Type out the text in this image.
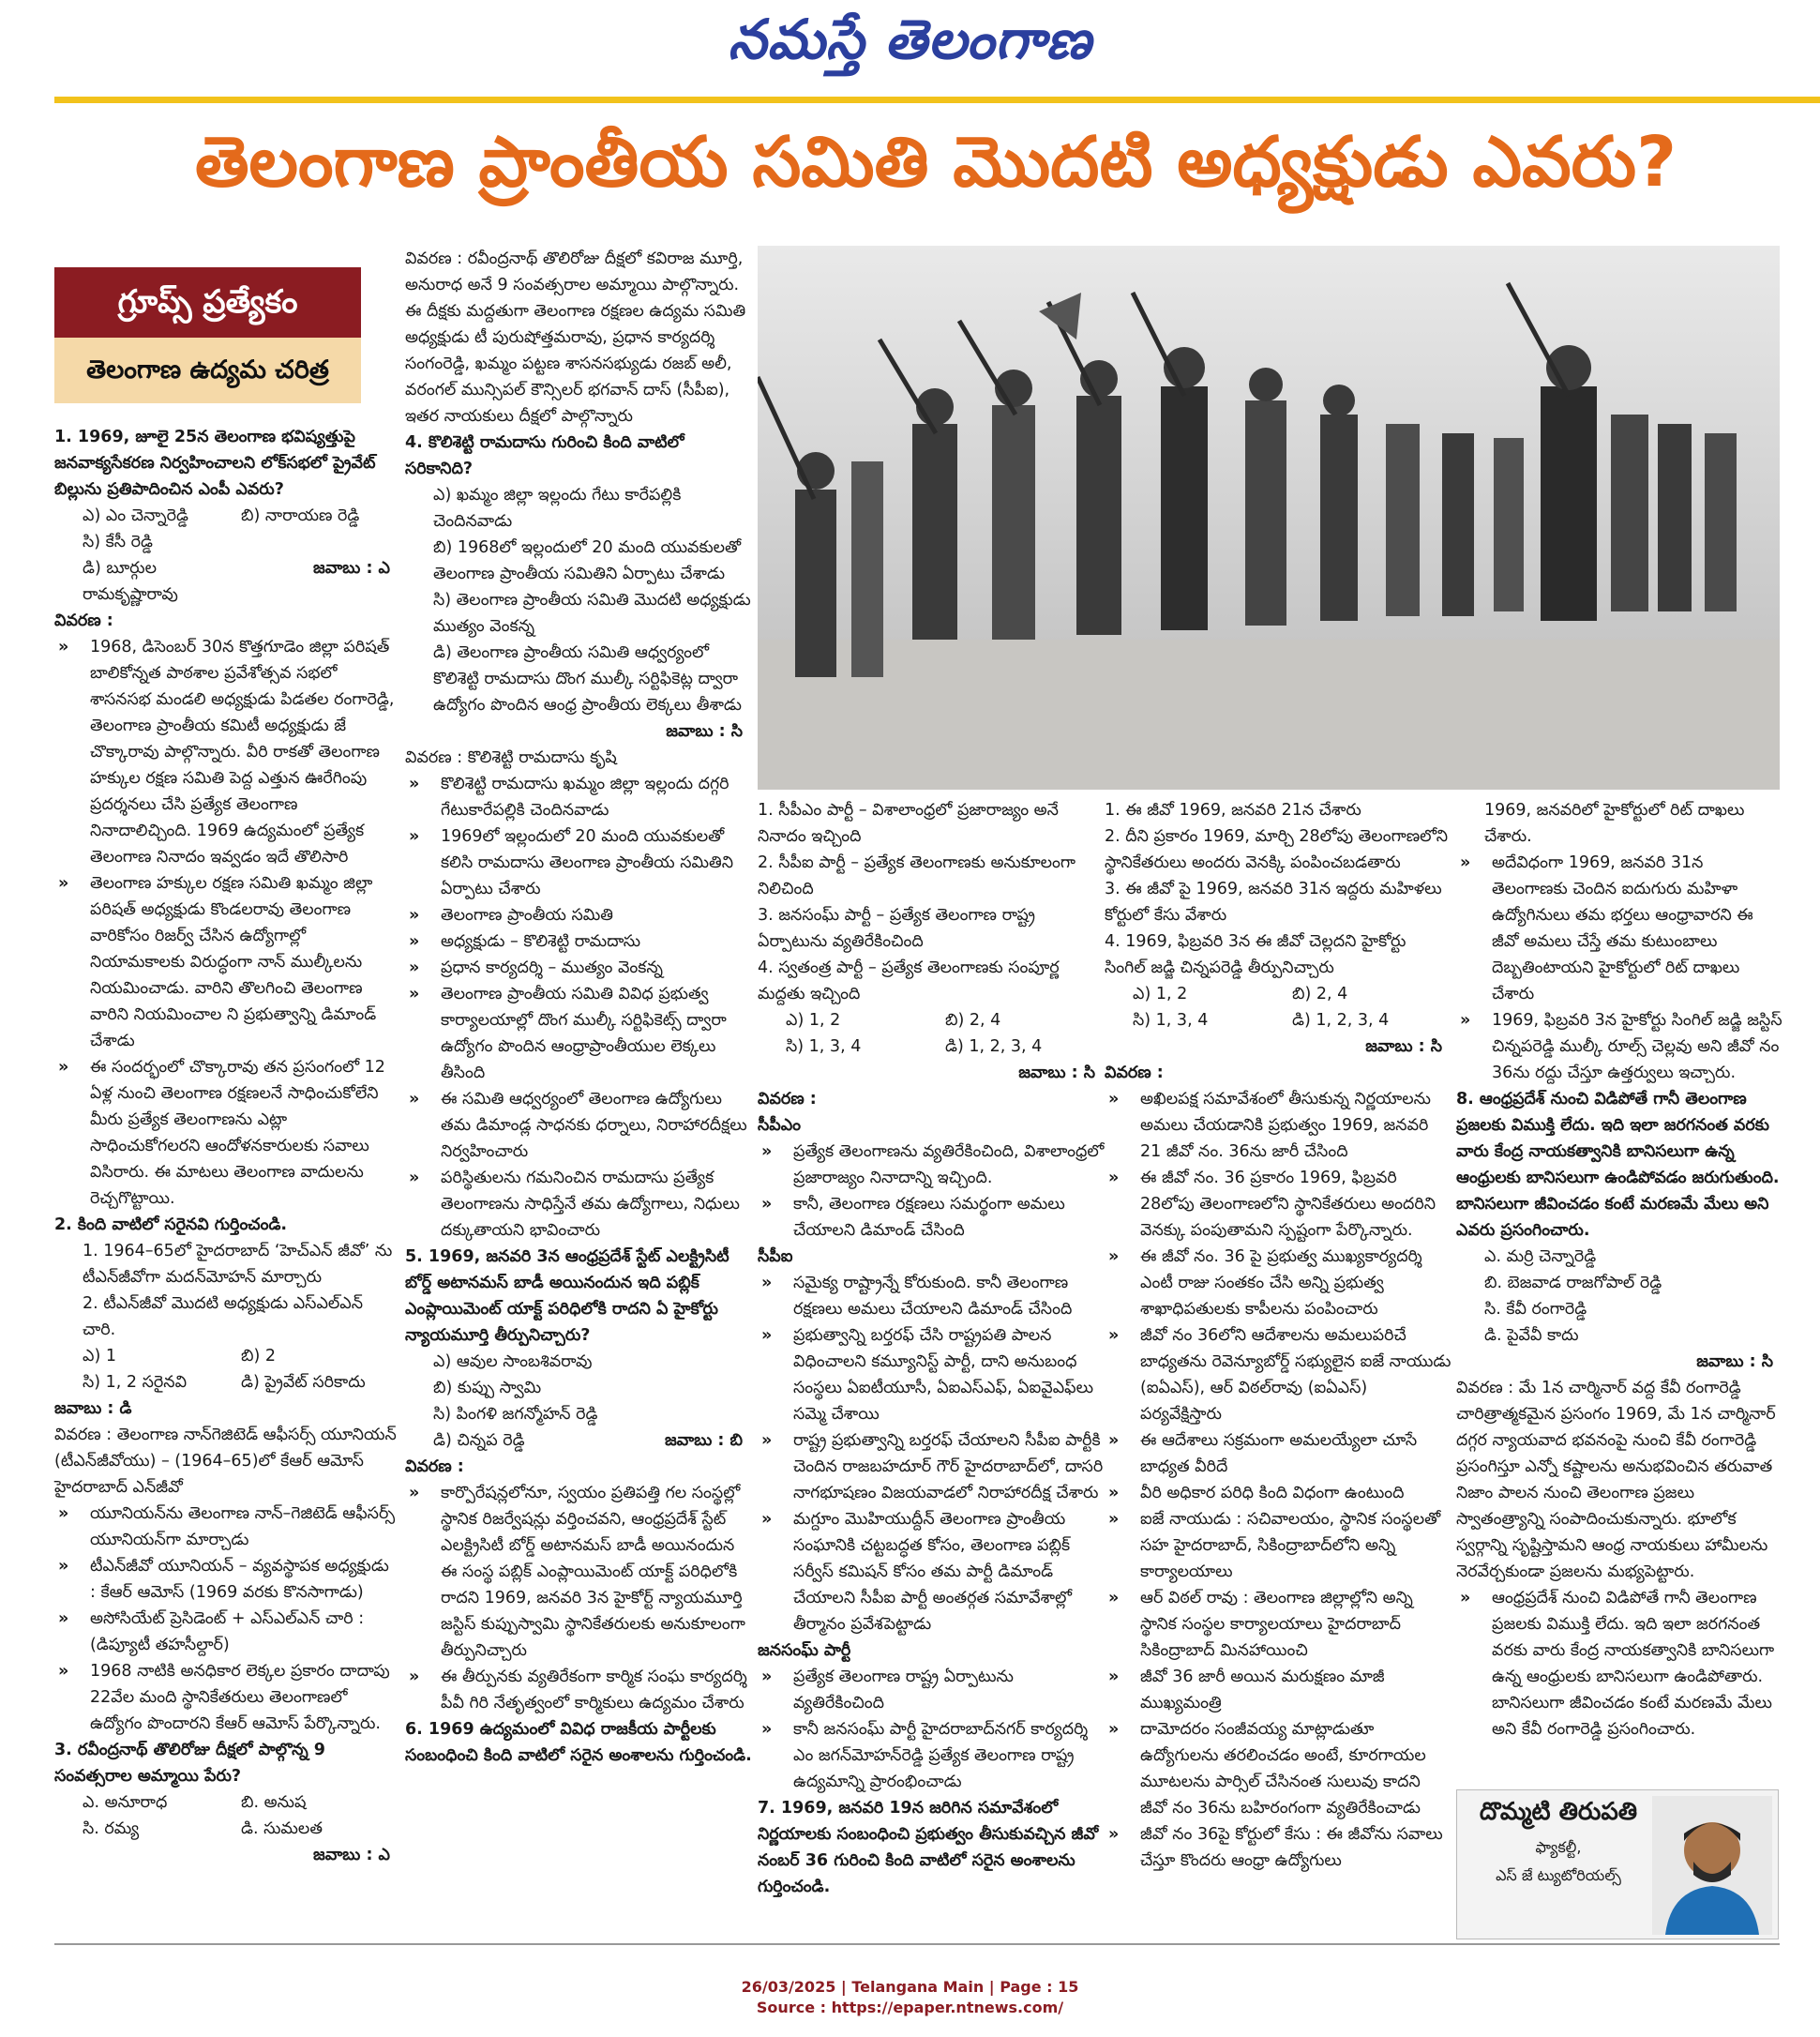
నమస్తే తెలంగాణ
తెలంగాణ ప్రాంతీయ సమితి మొదటి అధ్యక్షుడు ఎవరు?
గ్రూప్స్ ప్రత్యేకం
తెలంగాణ ఉద్యమ చరిత్ర

1. 1969, జూలై 25న తెలంగాణ భవిష్యత్తుపై జనవాక్యసేకరణ నిర్వహించాలని లోక్‌సభలో ప్రైవేట్ బిల్లును ప్రతిపాదించిన ఎంపీ ఎవరు?

ఎ) ఎం చెన్నారెడ్డి	బి) నారాయణ రెడ్డి

సి) కేసీ రెడ్డి

డి) బూర్గుల రామకృష్ణారావు
జవాబు : ఎ

వివరణ :

» 1968, డిసెంబర్ 30న కొత్తగూడెం జిల్లా పరిషత్ బాలికోన్నత పాఠశాల ప్రవేశోత్సవ సభలో శాసనసభ మండలి అధ్యక్షుడు పిడతల రంగారెడ్డి, తెలంగాణ ప్రాంతీయ కమిటీ అధ్యక్షుడు జే చొక్కారావు పాల్గొన్నారు. వీరి రాకతో తెలంగాణ హక్కుల రక్షణ సమితి పెద్ద ఎత్తున ఊరేగింపు ప్రదర్శనలు చేసి ప్రత్యేక తెలంగాణ నినాదాలిచ్చింది. 1969 ఉద్యమంలో ప్రత్యేక తెలంగాణ నినాదం ఇవ్వడం ఇదే తొలిసారి

» తెలంగాణ హక్కుల రక్షణ సమితి ఖమ్మం జిల్లా పరిషత్ అధ్యక్షుడు కొండలరావు తెలంగాణ వారికోసం రిజర్వ్ చేసిన ఉద్యోగాల్లో నియామకాలకు విరుద్ధంగా నాన్ ముల్కీలను నియమించాడు. వారిని తొలగించి తెలంగాణ వారిని నియమించాల ని ప్రభుత్వాన్ని డిమాండ్ చేశాడు

» ఈ సందర్భంలో చొక్కారావు తన ప్రసంగంలో 12 ఏళ్ల నుంచి తెలంగాణ రక్షణలనే సాధించుకోలేని మీరు ప్రత్యేక తెలంగాణను ఎట్లా సాధించుకోగలరని ఆందోళనకారులకు సవాలు విసిరారు. ఈ మాటలు తెలంగాణ వాదులను రెచ్చగొట్టాయి.

2. కింది వాటిలో సరైనవి గుర్తించండి.

1. 1964–65లో హైదరాబాద్ ‘హెచ్ఎన్ జీవో’ ను టీఎన్‌జీవోగా మదన్‌మోహన్ మార్చారు

2. టీఎన్‌జీవో మొదటి అధ్యక్షుడు ఎస్‌ఎల్ఎన్ చారి.

ఎ) 1	బి) 2
సి) 1, 2 సరైనవి	డి) ప్రైవేట్ సరికాదు

జవాబు : డి

వివరణ : తెలంగాణ నాన్‌గెజిటెడ్ ఆఫీసర్స్ యూనియన్ (టీఎన్‌జీవోయు) – (1964–65)లో కేఆర్ ఆమోస్ హైదరాబాద్ ఎన్‌జీవో

» యూనియన్‌ను తెలంగాణ నాన్–గెజిటెడ్ ఆఫీసర్స్ యూనియన్‌గా మార్చాడు

» టీఎన్‌జీవో యూనియన్ – వ్యవస్థాపక అధ్యక్షుడు : కేఆర్ ఆమోస్ (1969 వరకు కొనసాగాడు)

» అసోసియేట్ ప్రెసిడెంట్ + ఎస్ఎల్ఎన్ చారి : (డిప్యూటీ తహసీల్దార్)

» 1968 నాటికి అనధికార లెక్కల ప్రకారం దాదాపు 22వేల మంది స్థానికేతరులు తెలంగాణలో ఉద్యోగం పొందారని కేఆర్ ఆమోస్ పేర్కొన్నారు.

3. రవీంద్రనాథ్ తొలిరోజు దీక్షలో పాల్గొన్న 9 సంవత్సరాల అమ్మాయి పేరు?

ఎ. అనూరాధ	బి. అనుష
సి. రమ్య	డి. సుమలత

జవాబు : ఎ

వివరణ : రవీంద్రనాథ్ తొలిరోజు దీక్షలో కవిరాజ మూర్తి, అనురాధ అనే 9 సంవత్సరాల అమ్మాయి పాల్గొన్నారు. ఈ దీక్షకు మద్దతుగా తెలంగాణ రక్షణల ఉద్యమ సమితి అధ్యక్షుడు టీ పురుషోత్తమరావు, ప్రధాన కార్యదర్శి సంగంరెడ్డి, ఖమ్మం పట్టణ శాసనసభ్యుడు రజబ్ అలీ, వరంగల్ మున్సిపల్ కౌన్సిలర్ భగవాన్ దాస్ (సీపీఐ), ఇతర నాయకులు దీక్షలో పాల్గొన్నారు

4. కొలిశెట్టి రామదాసు గురించి కింది వాటిలో సరికానిది?

ఎ) ఖమ్మం జిల్లా ఇల్లందు గేటు కారేపల్లికి చెందినవాడు

బి) 1968లో ఇల్లందులో 20 మంది యువకులతో తెలంగాణ ప్రాంతీయ సమితిని ఏర్పాటు చేశాడు

సి) తెలంగాణ ప్రాంతీయ సమితి మొదటి అధ్యక్షుడు ముత్యం వెంకన్న

డి) తెలంగాణ ప్రాంతీయ సమితి ఆధ్వర్యంలో కొలిశెట్టి రామదాసు దొంగ ముల్కీ సర్టిఫికెట్ల ద్వారా ఉద్యోగం పొందిన ఆంధ్ర ప్రాంతీయ లెక్కలు తీశాడు

జవాబు : సి

వివరణ : కొలిశెట్టి రామదాసు కృషి

» కొలిశెట్టి రామదాసు ఖమ్మం జిల్లా ఇల్లందు దగ్గరి గేటుకారేపల్లికి చెందినవాడు

» 1969లో ఇల్లందులో 20 మంది యువకులతో కలిసి రామదాసు తెలంగాణ ప్రాంతీయ సమితిని ఏర్పాటు చేశారు

» తెలంగాణ ప్రాంతీయ సమితి

» అధ్యక్షుడు – కొలిశెట్టి రామదాసు

» ప్రధాన కార్యదర్శి – ముత్యం వెంకన్న

» తెలంగాణ ప్రాంతీయ సమితి వివిధ ప్రభుత్వ కార్యాలయాల్లో దొంగ ముల్కీ సర్టిఫికెట్స్ ద్వారా ఉద్యోగం పొందిన ఆంధ్రాప్రాంతీయుల లెక్కలు తీసింది

» ఈ సమితి ఆధ్వర్యంలో తెలంగాణ ఉద్యోగులు తమ డిమాండ్ల సాధనకు ధర్నాలు, నిరాహారదీక్షలు నిర్వహించారు

» పరిస్థితులను గమనించిన రామదాసు ప్రత్యేక తెలంగాణను సాధిస్తేనే తమ ఉద్యోగాలు, నిధులు దక్కుతాయని భావించారు

5. 1969, జనవరి 3న ఆంధ్రప్రదేశ్ స్టేట్ ఎలక్ట్రిసిటీ బోర్డ్ అటానమస్ బాడీ అయినందున ఇది పబ్లిక్ ఎంప్లాయిమెంట్ యాక్ట్ పరిధిలోకి రాదని ఏ హైకోర్టు న్యాయమూర్తి తీర్పునిచ్చారు?

ఎ) ఆవుల సాంబశివరావు

బి) కుప్పు స్వామి

సి) పింగళి జగన్మోహన్ రెడ్డి

డి) చిన్నప రెడ్డి	జవాబు : బి

వివరణ :

» కార్పొరేషన్లలోనూ, స్వయం ప్రతిపత్తి గల సంస్థల్లో స్థానిక రిజర్వేషన్లు వర్తించవని, ఆంధ్రప్రదేశ్ స్టేట్ ఎలక్ట్రిసిటీ బోర్డ్ అటానమస్ బాడీ అయినందున ఈ సంస్థ పబ్లిక్ ఎంప్లాయిమెంట్ యాక్ట్ పరిధిలోకి రాదని 1969, జనవరి 3న హైకోర్ట్ న్యాయమూర్తి జస్టిస్ కుప్పుస్వామి స్థానికేతరులకు అనుకూలంగా తీర్పునిచ్చారు

» ఈ తీర్పునకు వ్యతిరేకంగా కార్మిక సంఘ కార్యదర్శి పీవీ గిరి నేతృత్వంలో కార్మికులు ఉద్యమం చేశారు

6. 1969 ఉద్యమంలో వివిధ రాజకీయ పార్టీలకు సంబంధించి కింది వాటిలో సరైన అంశాలను గుర్తించండి.

1. సీపీఎం పార్టీ – విశాలాంధ్రలో ప్రజారాజ్యం అనే నినాదం ఇచ్చింది

2. సీపీఐ పార్టీ – ప్రత్యేక తెలంగాణకు అనుకూలంగా నిలిచింది

3. జనసంఘ్ పార్టీ – ప్రత్యేక తెలంగాణ రాష్ట్ర ఏర్పాటును వ్యతిరేకించింది

4. స్వతంత్ర పార్టీ – ప్రత్యేక తెలంగాణకు సంపూర్ణ మద్దతు ఇచ్చింది

ఎ) 1, 2	బి) 2, 4
సి) 1, 3, 4	డి) 1, 2, 3, 4

జవాబు : సి

వివరణ :

సీపీఎం

» ప్రత్యేక తెలంగాణను వ్యతిరేకించింది, విశాలాంధ్రలో ప్రజారాజ్యం నినాదాన్ని ఇచ్చింది.

» కానీ, తెలంగాణ రక్షణలు సమర్థంగా అమలు చేయాలని డిమాండ్ చేసింది

సీపీఐ

» సమైక్య రాష్ట్రాన్నే కోరుకుంది. కానీ తెలంగాణ రక్షణలు అమలు చేయాలని డిమాండ్ చేసింది

» ప్రభుత్వాన్ని బర్తరఫ్ చేసి రాష్ట్రపతి పాలన విధించాలని కమ్యూనిస్ట్ పార్టీ, దాని అనుబంధ సంస్థలు ఏఐటీయూసీ, ఏఐఎస్ఎఫ్, ఏఐవైఎఫ్‌లు సమ్మె చేశాయి

» రాష్ట్ర ప్రభుత్వాన్ని బర్తరఫ్ చేయాలని సీపీఐ పార్టీకి చెందిన రాజబహదూర్ గౌర్ హైదరాబాద్‌లో, దాసరి నాగభూషణం విజయవాడలో నిరాహారదీక్ష చేశారు

» మగ్దూం మొహియుద్దీన్ తెలంగాణ ప్రాంతీయ సంఘానికి చట్టబద్ధత కోసం, తెలంగాణ పబ్లిక్ సర్వీస్ కమిషన్ కోసం తమ పార్టీ డిమాండ్ చేయాలని సీపీఐ పార్టీ అంతర్గత సమావేశాల్లో తీర్మానం ప్రవేశపెట్టాడు

జనసంఘ్ పార్టీ

» ప్రత్యేక తెలంగాణ రాష్ట్ర ఏర్పాటును వ్యతిరేకించింది

» కానీ జనసంఘ్ పార్టీ హైదరాబాద్‌నగర్ కార్యదర్శి ఎం జగన్‌మోహన్‌రెడ్డి ప్రత్యేక తెలంగాణ రాష్ట్ర ఉద్యమాన్ని ప్రారంభించాడు

7. 1969, జనవరి 19న జరిగిన సమావేశంలో నిర్ణయాలకు సంబంధించి ప్రభుత్వం తీసుకువచ్చిన జీవో నంబర్ 36 గురించి కింది వాటిలో సరైన అంశాలను గుర్తించండి.

1. ఈ జీవో 1969, జనవరి 21న చేశారు

2. దీని ప్రకారం 1969, మార్చి 28లోపు తెలంగాణలోని స్థానికేతరులు అందరు వెనక్కి పంపించబడతారు

3. ఈ జీవో పై 1969, జనవరి 31న ఇద్దరు మహిళలు కోర్టులో కేసు వేశారు

4. 1969, ఫిబ్రవరి 3న ఈ జీవో చెల్లదని హైకోర్టు సింగిల్ జడ్జి చిన్నపరెడ్డి తీర్పునిచ్చారు

ఎ) 1, 2	బి) 2, 4
సి) 1, 3, 4	డి) 1, 2, 3, 4

జవాబు : సి

వివరణ :

» అఖిలపక్ష సమావేశంలో తీసుకున్న నిర్ణయాలను అమలు చేయడానికి ప్రభుత్వం 1969, జనవరి 21 జీవో నం. 36ను జారీ చేసింది

» ఈ జీవో నం. 36 ప్రకారం 1969, ఫిబ్రవరి 28లోపు తెలంగాణలోని స్థానికేతరులు అందరిని వెనక్కు పంపుతామని స్పష్టంగా పేర్కొన్నారు.

» ఈ జీవో నం. 36 పై ప్రభుత్వ ముఖ్యకార్యదర్శి ఎంటీ రాజు సంతకం చేసి అన్ని ప్రభుత్వ శాఖాధిపతులకు కాపీలను పంపించారు

» జీవో నం 36లోని ఆదేశాలను అమలుపరిచే బాధ్యతను రెవెన్యూబోర్డ్ సభ్యులైన ఐజే నాయుడు (ఐఏఎస్), ఆర్ విఠల్‌రావు (ఐఏఎస్) పర్యవేక్షిస్తారు

» ఈ ఆదేశాలు సక్రమంగా అమలయ్యేలా చూసే బాధ్యత వీరిదే

» వీరి అధికార పరిధి కింది విధంగా ఉంటుంది

» ఐజే నాయుడు : సచివాలయం, స్థానిక సంస్థలతో సహ హైదరాబాద్, సికింద్రాబాద్‌లోని అన్ని కార్యాలయాలు

» ఆర్ విఠల్ రావు : తెలంగాణ జిల్లాల్లోని అన్ని స్థానిక సంస్థల కార్యాలయాలు హైదరాబాద్ సికింద్రాబాద్ మినహాయించి

» జీవో 36 జారీ అయిన మరుక్షణం మాజీ ముఖ్యమంత్రి

» దామోదరం సంజీవయ్య మాట్లాడుతూ ఉద్యోగులను తరలించడం అంటే, కూరగాయల మూటలను పార్సిల్ చేసినంత సులువు కాదని జీవో నం 36ను బహిరంగంగా వ్యతిరేకించాడు

» జీవో నం 36పై కోర్టులో కేసు : ఈ జీవోను సవాలు చేస్తూ కొందరు ఆంధ్రా ఉద్యోగులు

1969, జనవరిలో హైకోర్టులో రిట్ దాఖలు చేశారు.

» అదేవిధంగా 1969, జనవరి 31న తెలంగాణకు చెందిన ఐదుగురు మహిళా ఉద్యోగినులు తమ భర్తలు ఆంధ్రావారని ఈ జీవో అమలు చేస్తే తమ కుటుంబాలు దెబ్బతింటాయని హైకోర్టులో రిట్ దాఖలు చేశారు

» 1969, ఫిబ్రవరి 3న హైకోర్టు సింగిల్ జడ్జి జస్టిస్ చిన్నపరెడ్డి ముల్కీ రూల్స్ చెల్లవు అని జీవో నం 36ను రద్దు చేస్తూ ఉత్తర్వులు ఇచ్చారు.

8. ఆంధ్రప్రదేశ్ నుంచి విడిపోతే గానీ తెలంగాణ ప్రజలకు విముక్తి లేదు. ఇది ఇలా జరగనంత వరకు వారు కేంద్ర నాయకత్వానికి బానిసలుగా ఉన్న ఆంధ్రులకు బానిసలుగా ఉండిపోవడం జరుగుతుంది. బానిసలుగా జీవించడం కంటే మరణమే మేలు అని ఎవరు ప్రసంగించారు.

ఎ. మర్రి చెన్నారెడ్డి

బి. బెజవాడ రాజగోపాల్ రెడ్డి

సి. కేవీ రంగారెడ్డి

డి. పైవేవీ కాదు

జవాబు : సి

వివరణ : మే 1న చార్మినార్ వద్ద కేవీ రంగారెడ్డి చారిత్రాత్మకమైన ప్రసంగం 1969, మే 1న చార్మినార్ దగ్గర న్యాయవాద భవనంపై నుంచి కేవీ రంగారెడ్డి ప్రసంగిస్తూ ఎన్నో కష్టాలను అనుభవించిన తరువాత నిజాం పాలన నుంచి తెలంగాణ ప్రజలు స్వాతంత్ర్యాన్ని సంపాదించుకున్నారు. భూలోక స్వర్గాన్ని సృష్టిస్తామని ఆంధ్ర నాయకులు హామీలను నెరవేర్చకుండా ప్రజలను మభ్యపెట్టారు.

» ఆంధ్రప్రదేశ్ నుంచి విడిపోతే గానీ తెలంగాణ ప్రజలకు విముక్తి లేదు. ఇది ఇలా జరగనంత వరకు వారు కేంద్ర నాయకత్వానికి బానిసలుగా ఉన్న ఆంధ్రులకు బానిసలుగా ఉండిపోతారు. బానిసలుగా జీవించడం కంటే మరణమే మేలు అని కేవీ రంగారెడ్డి ప్రసంగించారు.

దొమ్మటి తిరుపతి
ఫ్యాకల్టీ,
ఎస్ జే ట్యుటోరియల్స్
26/03/2025 | Telangana Main | Page : 15
Source : https://epaper.ntnews.com/
